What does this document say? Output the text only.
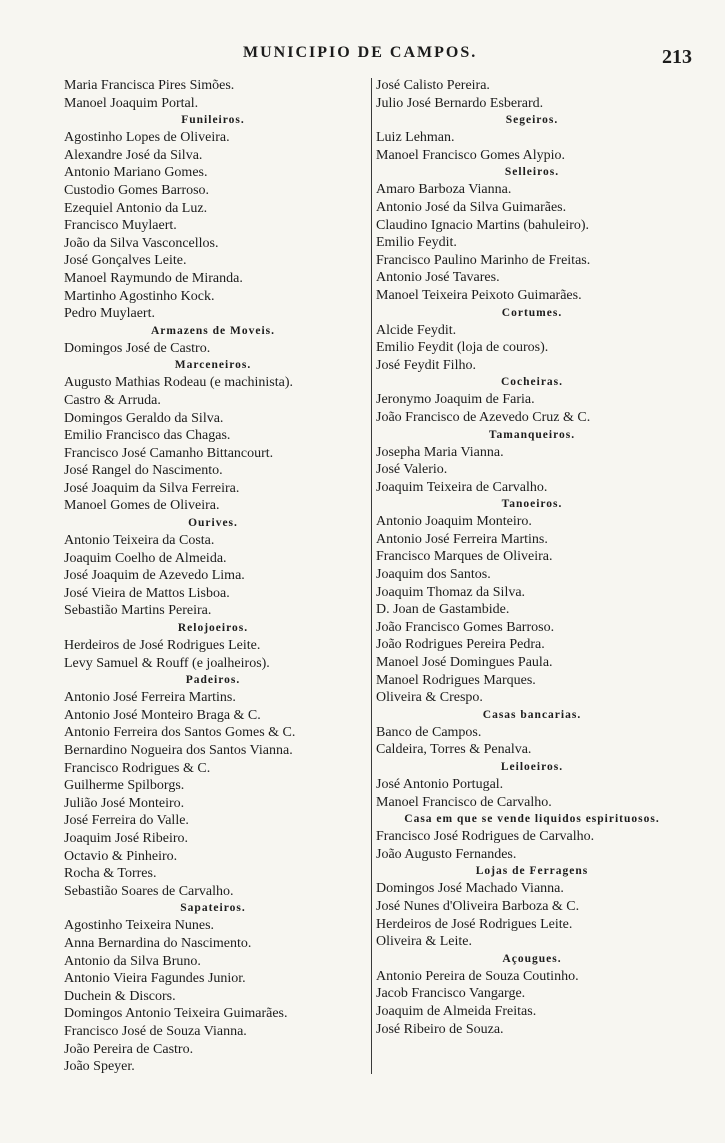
MUNICIPIO DE CAMPOS.	213
Maria Francisca Pires Simões.
Manoel Joaquim Portal.
Funileiros.
Agostinho Lopes de Oliveira.
Alexandre José da Silva.
Antonio Mariano Gomes.
Custodio Gomes Barroso.
Ezequiel Antonio da Luz.
Francisco Muylaert.
João da Silva Vasconcellos.
José Gonçalves Leite.
Manoel Raymundo de Miranda.
Martinho Agostinho Kock.
Pedro Muylaert.
Armazens de Moveis.
Domingos José de Castro.
Marceneiros.
Augusto Mathias Rodeau (e machinista).
Castro & Arruda.
Domingos Geraldo da Silva.
Emilio Francisco das Chagas.
Francisco José Camanho Bittancourt.
José Rangel do Nascimento.
José Joaquim da Silva Ferreira.
Manoel Gomes de Oliveira.
Ourives.
Antonio Teixeira da Costa.
Joaquim Coelho de Almeida.
José Joaquim de Azevedo Lima.
José Vieira de Mattos Lisboa.
Sebastião Martins Pereira.
Relojoeiros.
Herdeiros de José Rodrigues Leite.
Levy Samuel & Rouff (e joalheiros).
Padeiros.
Antonio José Ferreira Martins.
Antonio José Monteiro Braga & C.
Antonio Ferreira dos Santos Gomes & C.
Bernardino Nogueira dos Santos Vianna.
Francisco Rodrigues & C.
Guilherme Spilborgs.
Julião José Monteiro.
José Ferreira do Valle.
Joaquim José Ribeiro.
Octavio & Pinheiro.
Rocha & Torres.
Sebastião Soares de Carvalho.
Sapateiros.
Agostinho Teixeira Nunes.
Anna Bernardina do Nascimento.
Antonio da Silva Bruno.
Antonio Vieira Fagundes Junior.
Duchein & Discors.
Domingos Antonio Teixeira Guimarães.
Francisco José de Souza Vianna.
João Pereira de Castro.
João Speyer.
José Calisto Pereira.
Julio José Bernardo Esberard.
Segeiros.
Luiz Lehman.
Manoel Francisco Gomes Alypio.
Selleiros.
Amaro Barboza Vianna.
Antonio José da Silva Guimarães.
Claudino Ignacio Martins (bahuleiro).
Emilio Feydit.
Francisco Paulino Marinho de Freitas.
Antonio José Tavares.
Manoel Teixeira Peixoto Guimarães.
Cortumes.
Alcide Feydit.
Emilio Feydit (loja de couros).
José Feydit Filho.
Cocheiras.
Jeronymo Joaquim de Faria.
João Francisco de Azevedo Cruz & C.
Tamanqueiros.
Josepha Maria Vianna.
José Valerio.
Joaquim Teixeira de Carvalho.
Tanoeiros.
Antonio Joaquim Monteiro.
Antonio José Ferreira Martins.
Francisco Marques de Oliveira.
Joaquim dos Santos.
Joaquim Thomaz da Silva.
D. Joan de Gastambide.
João Francisco Gomes Barroso.
João Rodrigues Pereira Pedra.
Manoel José Domingues Paula.
Manoel Rodrigues Marques.
Oliveira & Crespo.
Casas bancarias.
Banco de Campos.
Caldeira, Torres & Penalva.
Leiloeiros.
José Antonio Portugal.
Manoel Francisco de Carvalho.
Casa em que se vende liquidos espirituosos.
Francisco José Rodrigues de Carvalho.
João Augusto Fernandes.
Lojas de Ferragens
Domingos José Machado Vianna.
José Nunes d'Oliveira Barboza & C.
Herdeiros de José Rodrigues Leite.
Oliveira & Leite.
Açougues.
Antonio Pereira de Souza Coutinho.
Jacob Francisco Vangarge.
Joaquim de Almeida Freitas.
José Ribeiro de Souza.
